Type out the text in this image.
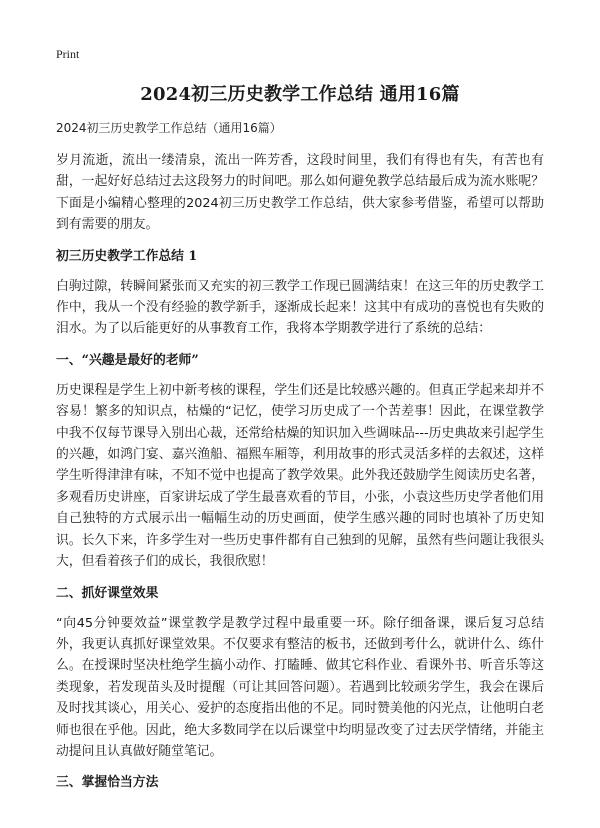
Print
2024初三历史教学工作总结 通用16篇
2024初三历史教学工作总结（通用16篇）

岁月流逝，流出一缕清泉，流出一阵芳香，这段时间里，我们有得也有失，有苦也有甜，一起好好总结过去这段努力的时间吧。那么如何避免教学总结最后成为流水账呢？下面是小编精心整理的2024初三历史教学工作总结，供大家参考借鉴，希望可以帮助到有需要的朋友。

初三历史教学工作总结 1

白驹过隙，转瞬间紧张而又充实的初三教学工作现已圆满结束！在这三年的历史教学工作中，我从一个没有经验的教学新手，逐渐成长起来！这其中有成功的喜悦也有失败的泪水。为了以后能更好的从事教育工作，我将本学期教学进行了系统的总结：

一、“兴趣是最好的老师”

历史课程是学生上初中新考核的课程，学生们还是比较感兴趣的。但真正学起来却并不容易！繁多的知识点，枯燥的“记忆，使学习历史成了一个苦差事！因此，在课堂教学中我不仅每节课导入别出心裁，还常给枯燥的知识加入些调味品---历史典故来引起学生的兴趣，如鸿门宴、嘉兴渔船、福熙车厢等，利用故事的形式灵活多样的去叙述，这样学生听得津津有味，不知不觉中也提高了教学效果。此外我还鼓励学生阅读历史名著，多观看历史讲座，百家讲坛成了学生最喜欢看的节目，小张，小袁这些历史学者他们用自己独特的方式展示出一幅幅生动的历史画面，使学生感兴趣的同时也填补了历史知识。长久下来，许多学生对一些历史事件都有自己独到的见解，虽然有些问题让我很头大，但看着孩子们的成长，我很欣慰！

二、抓好课堂效果

“向45分钟要效益”课堂教学是教学过程中最重要一环。除仔细备课，课后复习总结外，我更认真抓好课堂效果。不仅要求有整洁的板书，还做到考什么，就讲什么、练什么。在授课时坚决杜绝学生搞小动作、打瞌睡、做其它科作业、看课外书、听音乐等这类现象，若发现苗头及时提醒（可让其回答问题）。若遇到比较顽劣学生，我会在课后及时找其谈心，用关心、爱护的态度指出他的不足。同时赞美他的闪光点，让他明白老师也很在乎他。因此，绝大多数同学在以后课堂中均明显改变了过去厌学情绪，并能主动提问且认真做好随堂笔记。

三、掌握恰当方法
